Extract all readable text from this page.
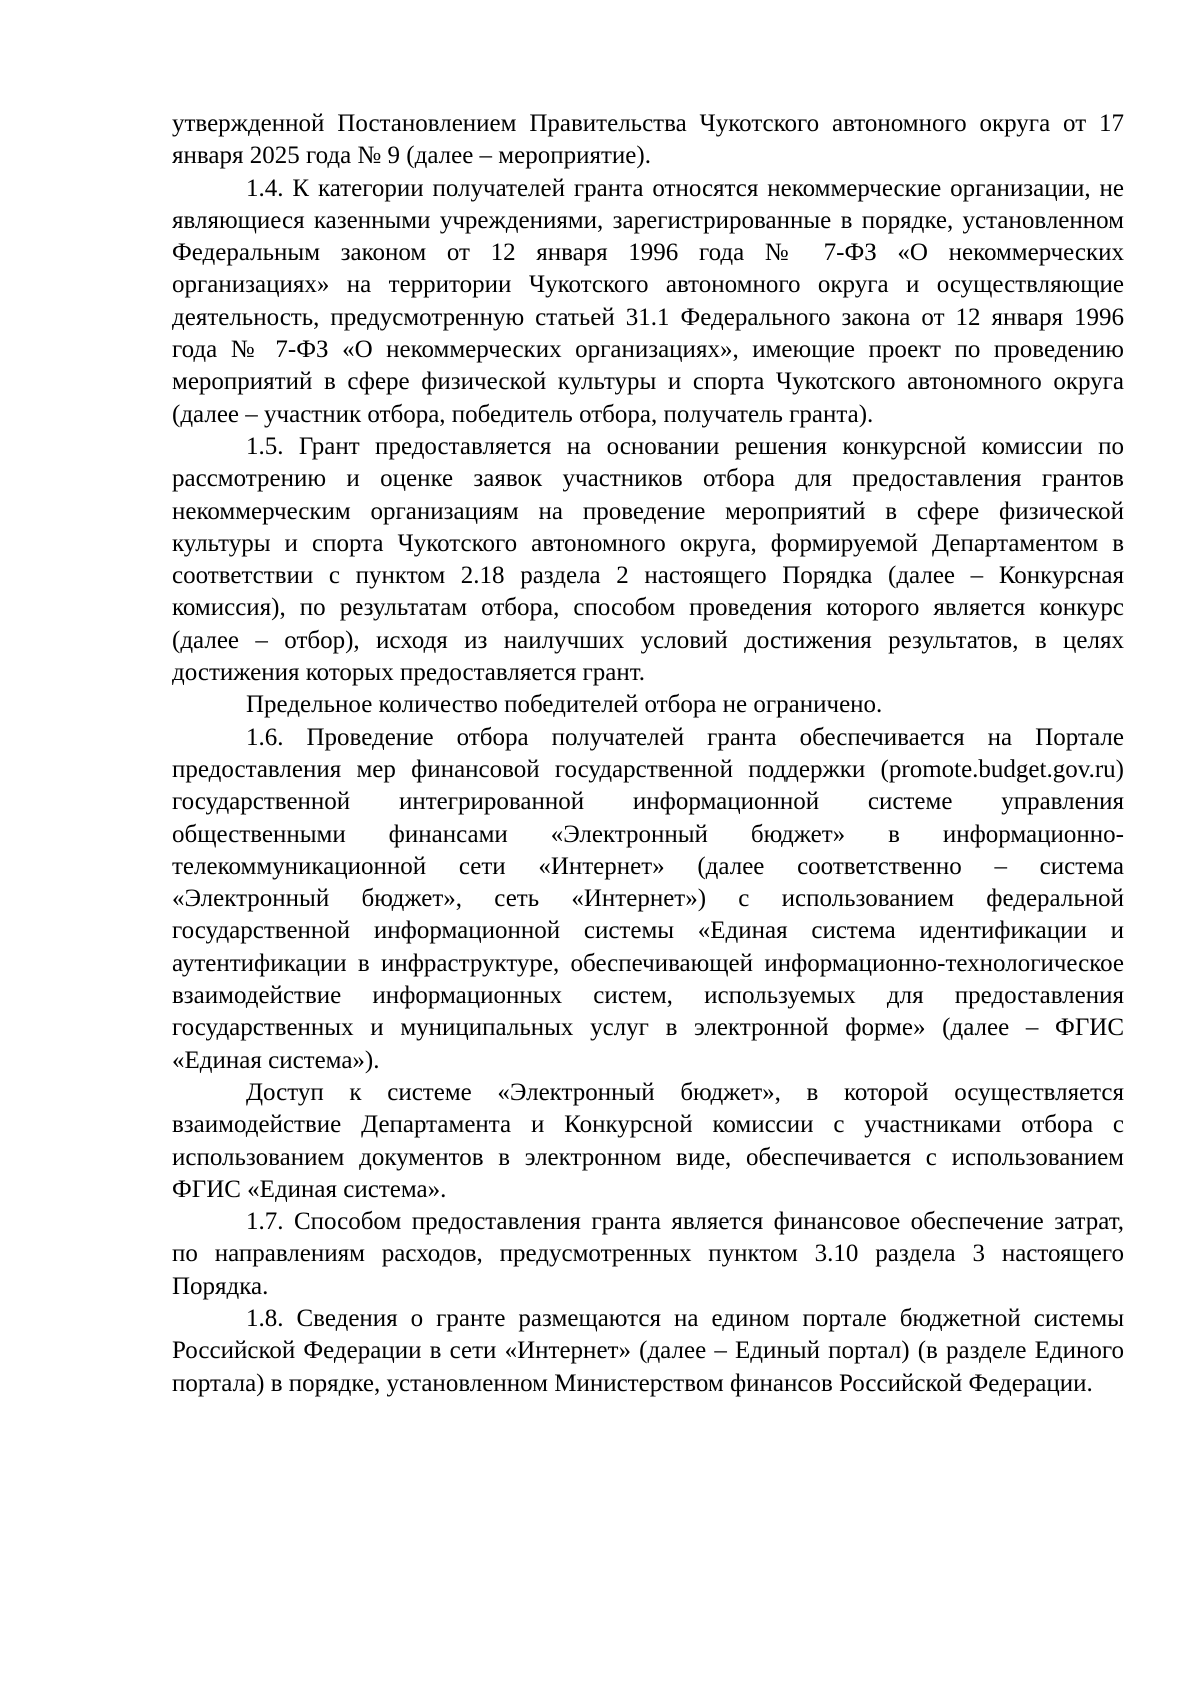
утвержденной Постановлением Правительства Чукотского автономного округа от 17 января 2025 года № 9 (далее – мероприятие).

1.4. К категории получателей гранта относятся некоммерческие организации, не являющиеся казенными учреждениями, зарегистрированные в порядке, установленном Федеральным законом от 12 января 1996 года № 7-ФЗ «О некоммерческих организациях» на территории Чукотского автономного округа и осуществляющие деятельность, предусмотренную статьей 31.1 Федерального закона от 12 января 1996 года № 7-ФЗ «О некоммерческих организациях», имеющие проект по проведению мероприятий в сфере физической культуры и спорта Чукотского автономного округа (далее – участник отбора, победитель отбора, получатель гранта).

1.5. Грант предоставляется на основании решения конкурсной комиссии по рассмотрению и оценке заявок участников отбора для предоставления грантов некоммерческим организациям на проведение мероприятий в сфере физической культуры и спорта Чукотского автономного округа, формируемой Департаментом в соответствии с пунктом 2.18 раздела 2 настоящего Порядка (далее – Конкурсная комиссия), по результатам отбора, способом проведения которого является конкурс (далее – отбор), исходя из наилучших условий достижения результатов, в целях достижения которых предоставляется грант.

Предельное количество победителей отбора не ограничено.

1.6. Проведение отбора получателей гранта обеспечивается на Портале предоставления мер финансовой государственной поддержки (promote.budget.gov.ru) государственной интегрированной информационной системе управления общественными финансами «Электронный бюджет» в информационно-телекоммуникационной сети «Интернет» (далее соответственно – система «Электронный бюджет», сеть «Интернет») с использованием федеральной государственной информационной системы «Единая система идентификации и аутентификации в инфраструктуре, обеспечивающей информационно-технологическое взаимодействие информационных систем, используемых для предоставления государственных и муниципальных услуг в электронной форме» (далее – ФГИС «Единая система»).

Доступ к системе «Электронный бюджет», в которой осуществляется взаимодействие Департамента и Конкурсной комиссии с участниками отбора с использованием документов в электронном виде, обеспечивается с использованием ФГИС «Единая система».

1.7. Способом предоставления гранта является финансовое обеспечение затрат, по направлениям расходов, предусмотренных пунктом 3.10 раздела 3 настоящего Порядка.

1.8. Сведения о гранте размещаются на едином портале бюджетной системы Российской Федерации в сети «Интернет» (далее – Единый портал) (в разделе Единого портала) в порядке, установленном Министерством финансов Российской Федерации.
